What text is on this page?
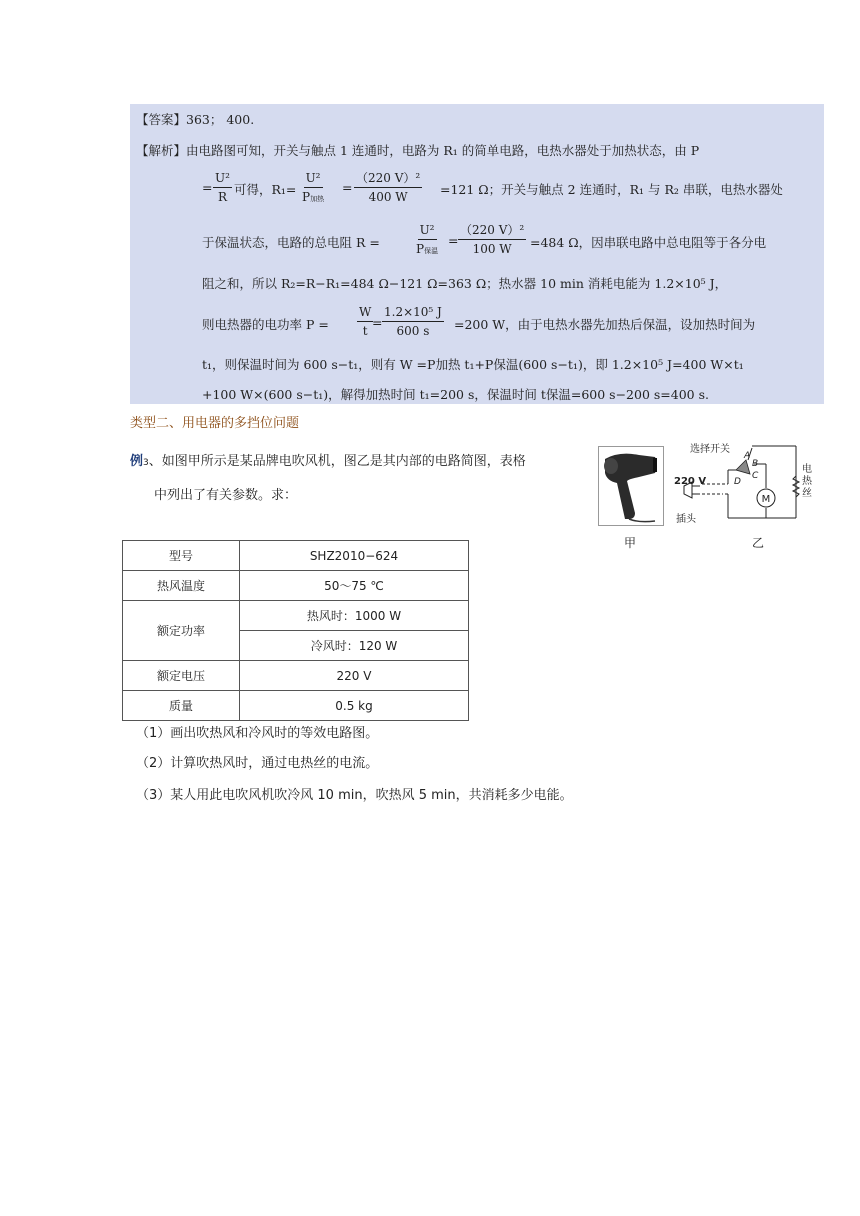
【答案】363； 400.
【解析】由电路图可知，开关与触点 1 连通时，电路为 R₁ 的简单电路，电热水器处于加热状态，由 P
= $\frac{\text{U²}}{R}$ 可得，R₁=
U²
P加热
= $\frac{\text{（220 V）²}}{400 W} =121$ Ω；开关与触点 2 连通时，R₁ 与 R₂ 串联，电热水器处
于保温状态，电路的总电阻 R =
U²
P保温
= $\frac{\text{（220 V）²}}{100 W} =484$ Ω，因串联电路中总电阻等于各分电
阻之和，所以 R₂=R−R₁=484 Ω−121 Ω=363 Ω；热水器 10 min 消耗电能为 1.2×10⁵ J，
则电热器的电功率 $P = \frac{W}{t}$
= $\frac{\text{1.2×10⁵ J}}{600 s} =200$ W，由于电热水器先加热后保温，设加热时间为
t₁，则保温时间为 600 s−t₁，则有 W =P加热 t₁+P保温(600 s−t₁)，即 1.2×10⁵ J=400 W×t₁
+100 W×(600 s−t₁)，解得加热时间 t₁=200 s，保温时间 t保温=600 s−200 s=400 s.
类型二、用电器的多挡位问题
例3、如图甲所示是某品牌电吹风机，图乙是其内部的电路简图，表格
中列出了有关参数。求：
甲
M
选择开关
220 V
插头
A
B
C
D
电热丝
乙
型号	SHZ2010−624
热风温度	50～75 ℃
额定功率	热风时：1000 W
	冷风时：120 W
额定电压	220 V
质量	0.5 kg
（1）画出吹热风和冷风时的等效电路图。
（2）计算吹热风时，通过电热丝的电流。
（3）某人用此电吹风机吹冷风 10 min，吹热风 5 min，共消耗多少电能。
